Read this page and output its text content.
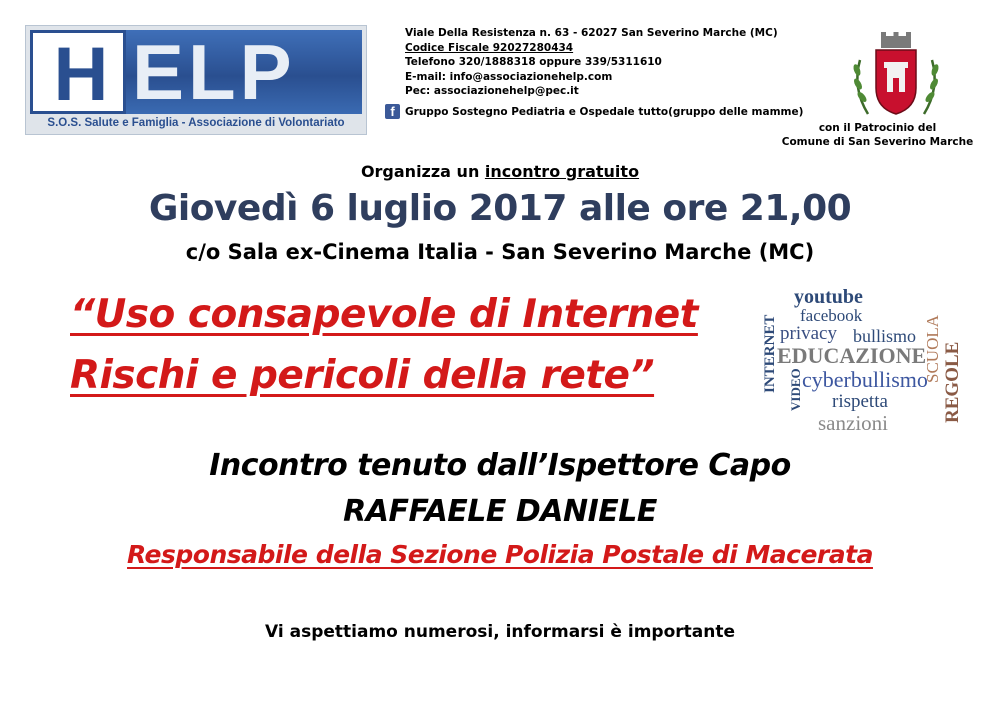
H ELP
S.O.S. Salute e Famiglia - Associazione di Volontariato
Viale Della Resistenza n. 63 - 62027 San Severino Marche (MC)
Codice Fiscale 92027280434
Telefono 320/1888318 oppure 339/5311610
E-mail: info@associazionehelp.com
Pec: associazionehelp@pec.it
f Gruppo Sostegno Pediatria e Ospedale tutto(gruppo delle mamme)
con il Patrocinio del
Comune di San Severino Marche
Organizza un incontro gratuito
Giovedì 6 luglio 2017 alle ore 21,00
c/o Sala ex-Cinema Italia - San Severino Marche (MC)
“Uso consapevole di Internet
Rischi e pericoli della rete”
youtube
facebook
privacy bullismo
INTERNET EDUCAZIONE
SCUOLA REGOLE
VIDEO cyberbullismo
rispetta
sanzioni
Incontro tenuto dall’Ispettore Capo
RAFFAELE DANIELE
Responsabile della Sezione Polizia Postale di Macerata
Vi aspettiamo numerosi, informarsi è importante
